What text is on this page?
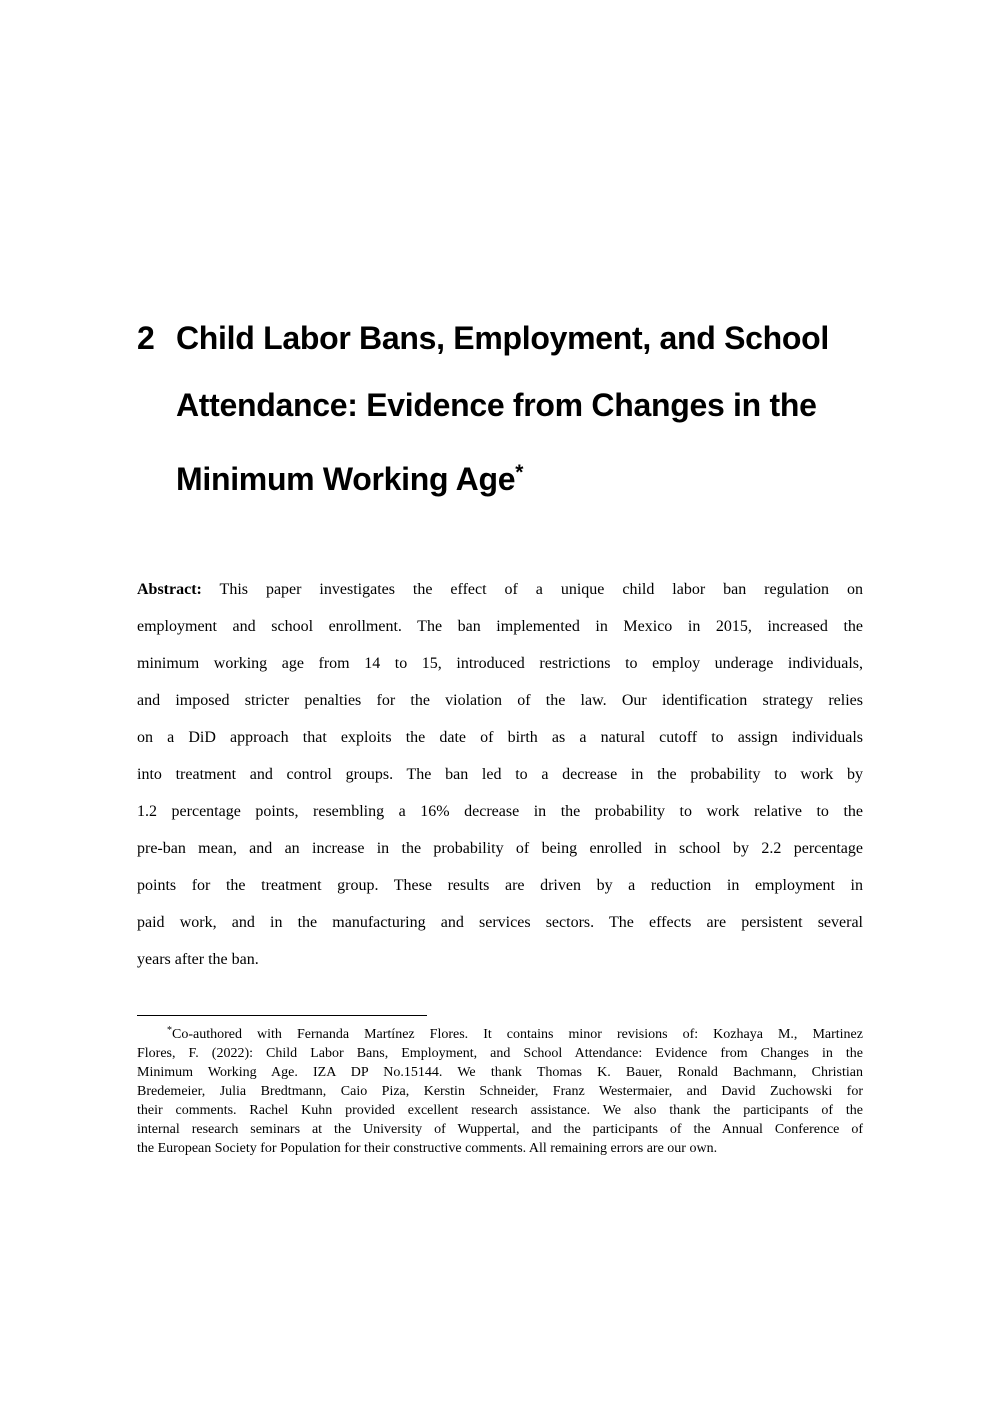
2 Child Labor Bans, Employment, and School
Attendance: Evidence from Changes in the
Minimum Working Age*
Abstract: This paper investigates the effect of a unique child labor ban regulation on
employment and school enrollment. The ban implemented in Mexico in 2015, increased the
minimum working age from 14 to 15, introduced restrictions to employ underage individuals,
and imposed stricter penalties for the violation of the law. Our identification strategy relies
on a DiD approach that exploits the date of birth as a natural cutoff to assign individuals
into treatment and control groups. The ban led to a decrease in the probability to work by
1.2 percentage points, resembling a 16% decrease in the probability to work relative to the
pre-ban mean, and an increase in the probability of being enrolled in school by 2.2 percentage
points for the treatment group. These results are driven by a reduction in employment in
paid work, and in the manufacturing and services sectors. The effects are persistent several
years after the ban.
*Co-authored with Fernanda Martínez Flores. It contains minor revisions of: Kozhaya M., Martinez
Flores, F. (2022): Child Labor Bans, Employment, and School Attendance: Evidence from Changes in the
Minimum Working Age. IZA DP No.15144. We thank Thomas K. Bauer, Ronald Bachmann, Christian
Bredemeier, Julia Bredtmann, Caio Piza, Kerstin Schneider, Franz Westermaier, and David Zuchowski for
their comments. Rachel Kuhn provided excellent research assistance. We also thank the participants of the
internal research seminars at the University of Wuppertal, and the participants of the Annual Conference of
the European Society for Population for their constructive comments. All remaining errors are our own.
